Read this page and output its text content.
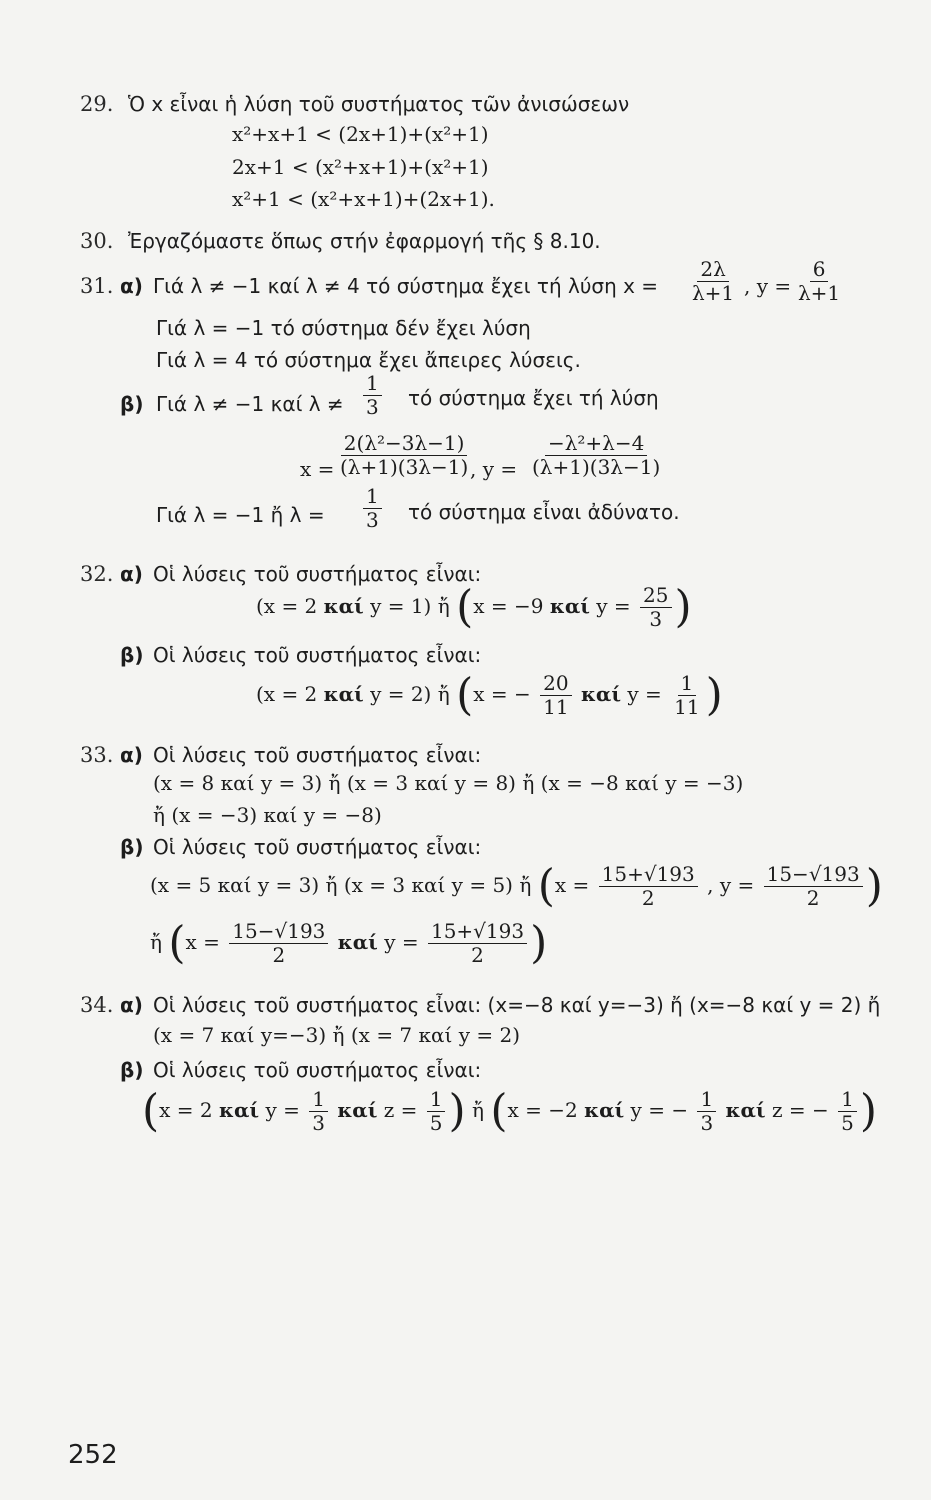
29. Ὁ x εἶναι ἡ λύση τοῦ συστήματος τῶν ἀνισώσεων
x²+x+1 < (2x+1)+(x²+1)
2x+1 < (x²+x+1)+(x²+1)
x²+1 < (x²+x+1)+(2x+1).
30. Ἐργαζόμαστε ὅπως στήν ἐφαρμογή τῆς § 8.10.
31. α) Γιά λ ≠ −1 καί λ ≠ 4 τό σύστημα ἔχει τή λύση $x = \frac{2\lambda}{\lambda+1}$ , $y = \frac{6}{\lambda+1}$
Γιά λ = −1 τό σύστημα δέν ἔχει λύση
Γιά λ = 4 τό σύστημα ἔχει ἄπειρες λύσεις.
β) Γιά λ ≠ −1 καί $\lambda \ne \frac{1}{3}$ τό σύστημα ἔχει τή λύση
$x = \frac{\text{2(λ²−3λ−1)}}{(\lambda+1)(3\lambda-1)}$
, $y = \frac{\text{−λ²+λ−4}}{(\lambda+1)(3\lambda-1)}$
Γιά λ = −1 ἤ $\lambda = \frac{1}{3}$ τό σύστημα εἶναι ἀδύνατο.
32. α) Οἱ λύσεις τοῦ συστήματος εἶναι:
(x = 2 καί y = 1) ἤ (x = −9 καί $y = \frac{25}{3}$ )
β) Οἱ λύσεις τοῦ συστήματος εἶναι:
(x = 2 καί y = 2) ἤ (x = − $\frac{20}{11}$ καί $y = \frac{1}{11}$ )
33. α) Οἱ λύσεις τοῦ συστήματος εἶναι:
(x = 8 καί y = 3) ἤ (x = 3 καί y = 8) ἤ (x = −8 καί y = −3)
ἤ (x = −3) καί y = −8)
β) Οἱ λύσεις τοῦ συστήματος εἶναι:
(x = 5 καί y = 3) ἤ (x = 3 καί y = 5) ἤ ($x = \frac{15+√193}{2}$ , $y = \frac{15-√193}{2}$ )
ἤ ($x = \frac{15-√193}{2}$ καί $y = \frac{15+√193}{2}$ )
34. α) Οἱ λύσεις τοῦ συστήματος εἶναι: (x=−8 καί y=−3) ἤ (x=−8 καί y = 2) ἤ
(x = 7 καί y=−3) ἤ (x = 7 καί y = 2)
β) Οἱ λύσεις τοῦ συστήματος εἶναι:
(x = 2 καί $y = \frac{1}{3}$ καί $z = \frac{1}{5}$ ) ἤ (x = −2 καί y = − $\frac{1}{3}$ καί z = − $\frac{1}{5}$ )
252
